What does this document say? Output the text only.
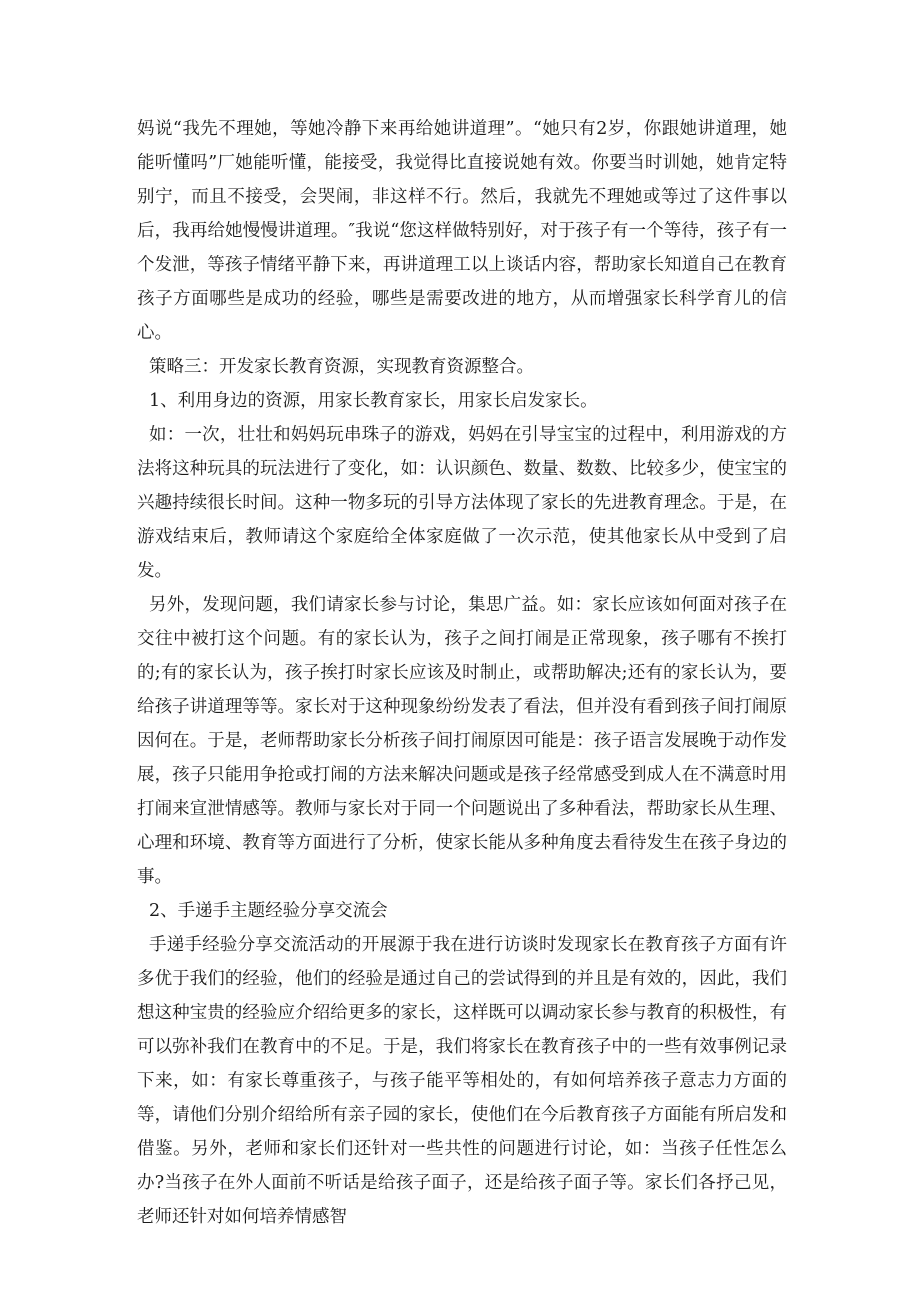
妈说“我先不理她，等她冷静下来再给她讲道理”。“她只有2岁，你跟她讲道理，她能听懂吗”厂她能听懂，能接受，我觉得比直接说她有效。你要当时训她，她肯定特别宁，而且不接受，会哭闹，非这样不行。然后，我就先不理她或等过了这件事以后，我再给她慢慢讲道理。″我说“您这样做特别好，对于孩子有一个等待，孩子有一个发泄，等孩子情绪平静下来，再讲道理工以上谈话内容，帮助家长知道自己在教育孩子方面哪些是成功的经验，哪些是需要改进的地方，从而增强家长科学育儿的信心。

策略三：开发家长教育资源，实现教育资源整合。

1、利用身边的资源，用家长教育家长，用家长启发家长。

如：一次，壮壮和妈妈玩串珠子的游戏，妈妈在引导宝宝的过程中，利用游戏的方法将这种玩具的玩法进行了变化，如：认识颜色、数量、数数、比较多少，使宝宝的兴趣持续很长时间。这种一物多玩的引导方法体现了家长的先进教育理念。于是，在游戏结束后，教师请这个家庭给全体家庭做了一次示范，使其他家长从中受到了启发。

另外，发现问题，我们请家长参与讨论，集思广益。如：家长应该如何面对孩子在交往中被打这个问题。有的家长认为，孩子之间打闹是正常现象，孩子哪有不挨打的;有的家长认为，孩子挨打时家长应该及时制止，或帮助解决;还有的家长认为，要给孩子讲道理等等。家长对于这种现象纷纷发表了看法，但并没有看到孩子间打闹原因何在。于是，老师帮助家长分析孩子间打闹原因可能是：孩子语言发展晚于动作发展，孩子只能用争抢或打闹的方法来解决问题或是孩子经常感受到成人在不满意时用打闹来宣泄情感等。教师与家长对于同一个问题说出了多种看法，帮助家长从生理、心理和环境、教育等方面进行了分析，使家长能从多种角度去看待发生在孩子身边的事。

2、手递手主题经验分享交流会

手递手经验分享交流活动的开展源于我在进行访谈时发现家长在教育孩子方面有许多优于我们的经验，他们的经验是通过自己的尝试得到的并且是有效的，因此，我们想这种宝贵的经验应介绍给更多的家长，这样既可以调动家长参与教育的积极性，有可以弥补我们在教育中的不足。于是，我们将家长在教育孩子中的一些有效事例记录下来，如：有家长尊重孩子，与孩子能平等相处的，有如何培养孩子意志力方面的等，请他们分别介绍给所有亲子园的家长，使他们在今后教育孩子方面能有所启发和借鉴。另外，老师和家长们还针对一些共性的问题进行讨论，如：当孩子任性怎么办?当孩子在外人面前不听话是给孩子面子，还是给孩子面子等。家长们各抒己见，老师还针对如何培养情感智
